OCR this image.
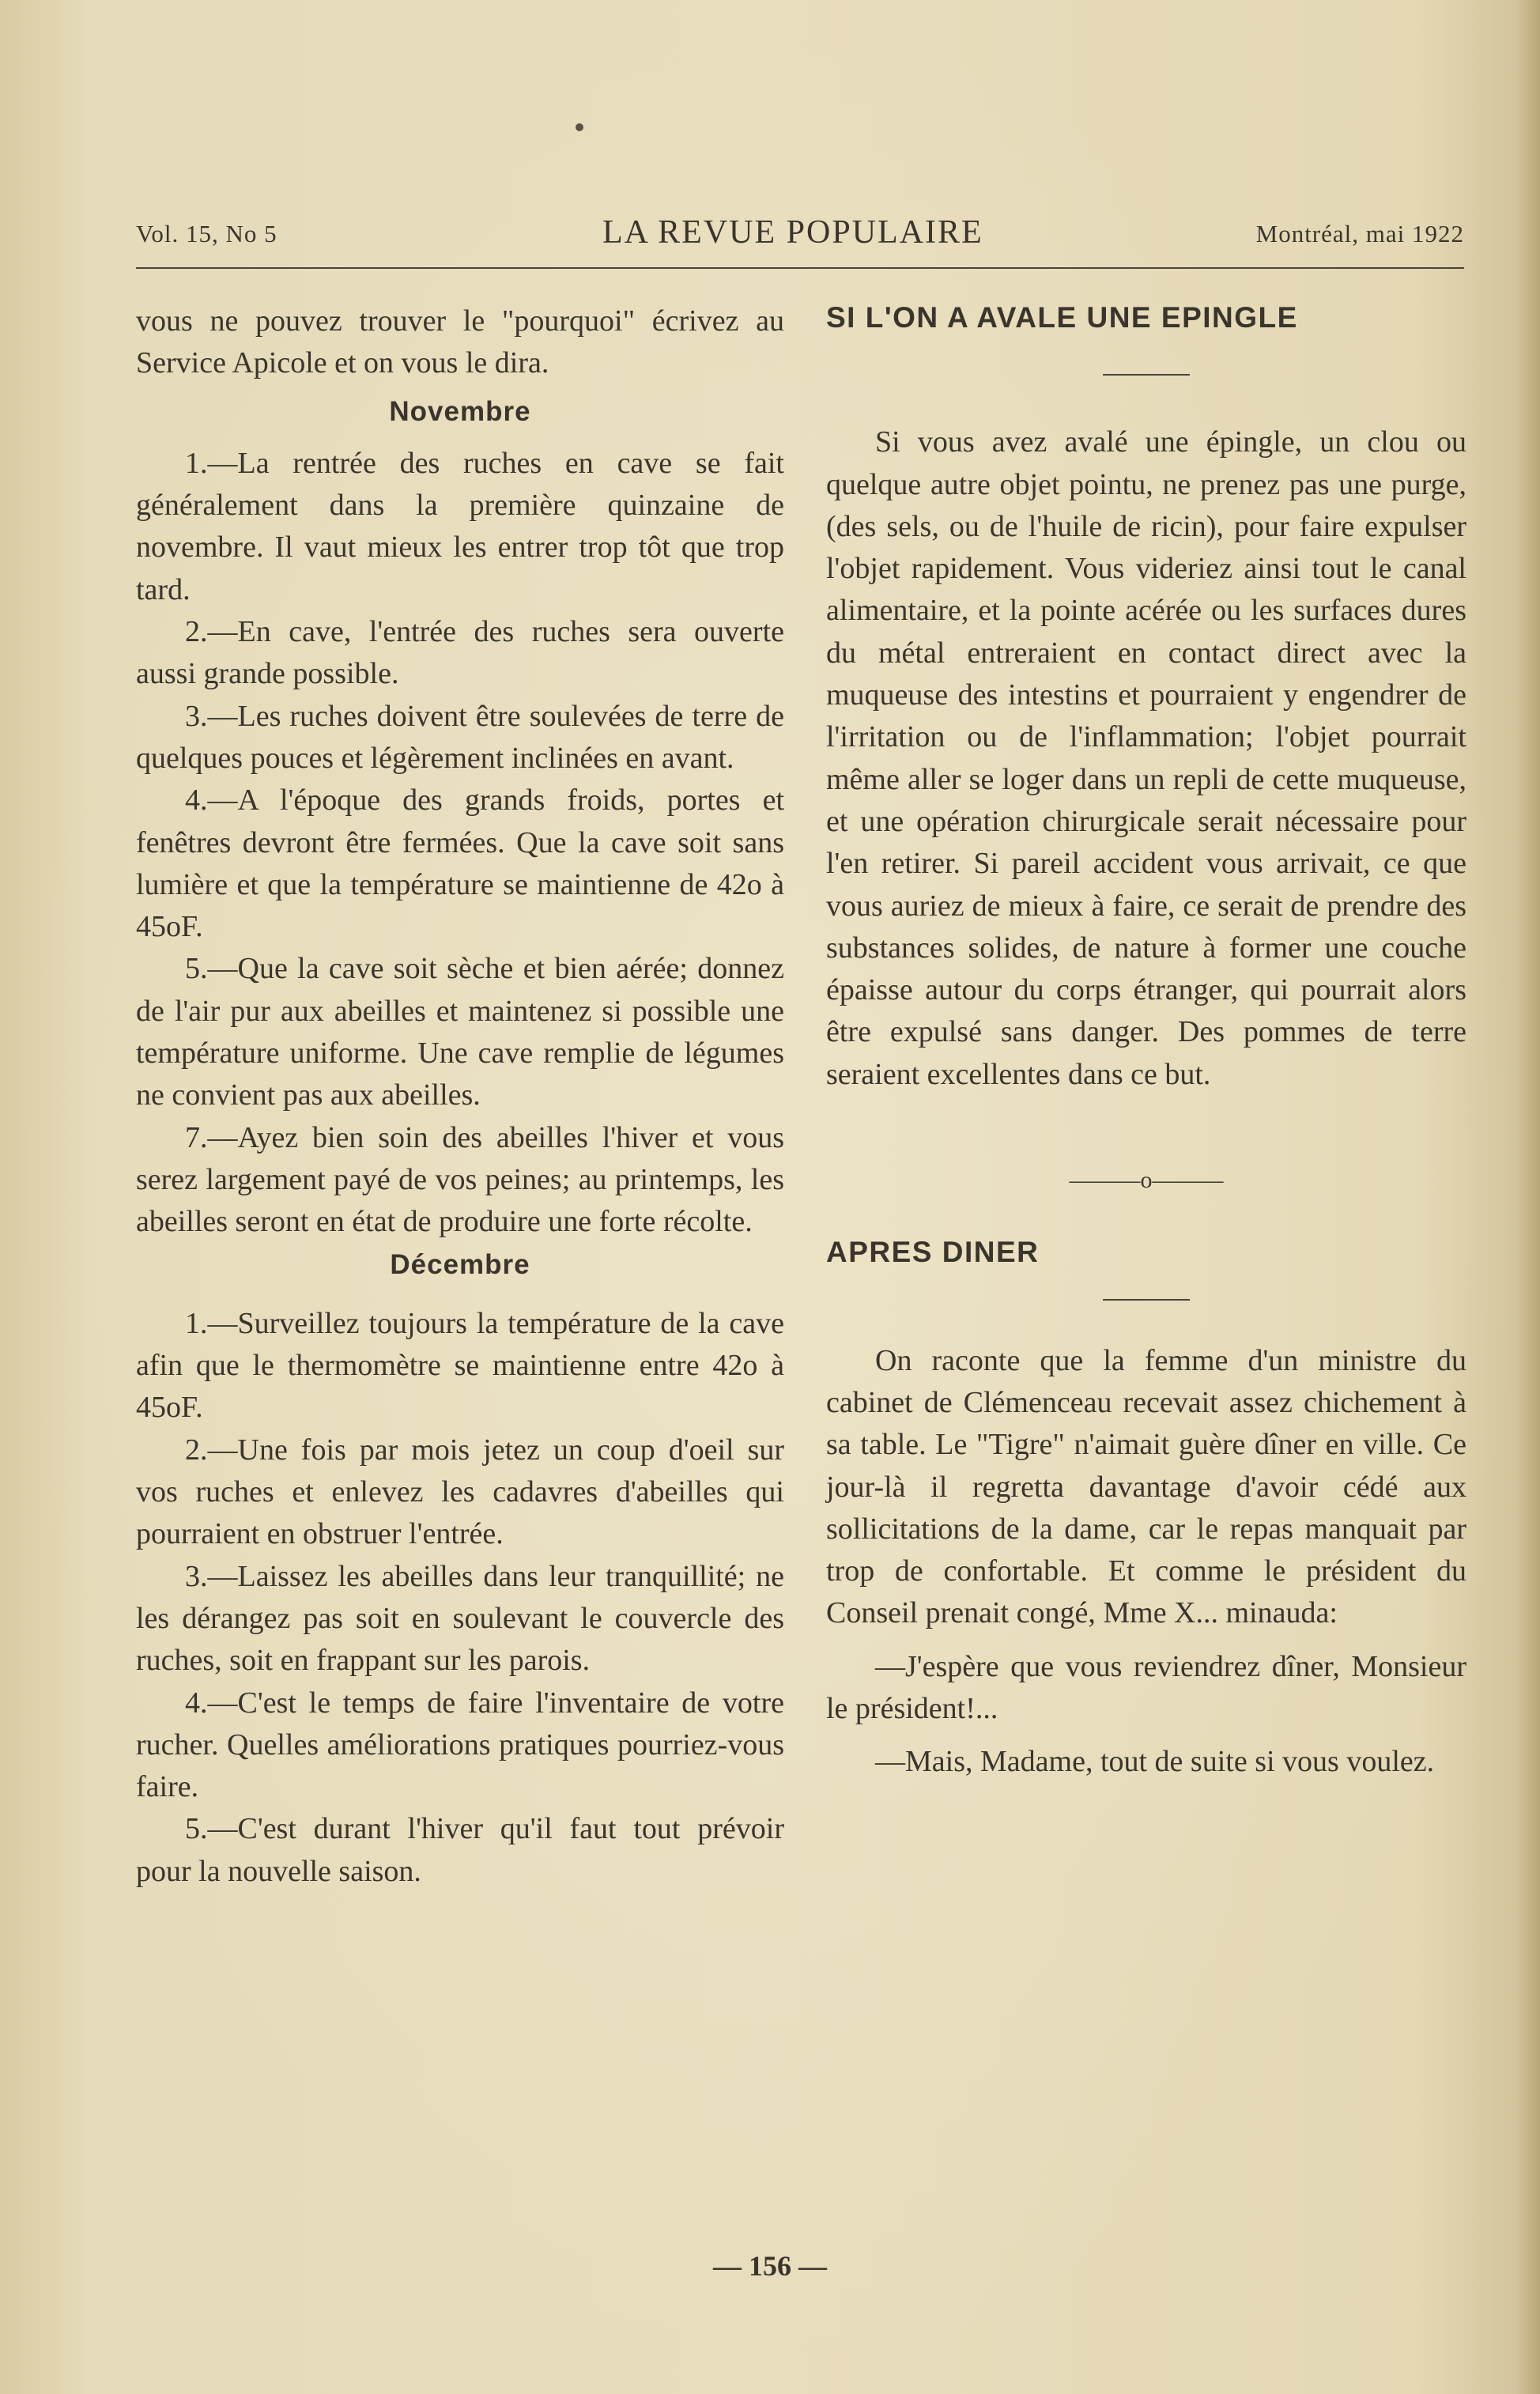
Vol. 15, No 5	LA REVUE POPULAIRE	Montréal, mai 1922

vous ne pouvez trouver le "pourquoi" écrivez au Service Apicole et on vous le dira.

Novembre

1.—La rentrée des ruches en cave se fait généralement dans la première quinzaine de novembre. Il vaut mieux les entrer trop tôt que trop tard.

2.—En cave, l'entrée des ruches sera ouverte aussi grande possible.

3.—Les ruches doivent être soulevées de terre de quelques pouces et légèrement inclinées en avant.

4.—A l'époque des grands froids, portes et fenêtres devront être fermées. Que la cave soit sans lumière et que la température se maintienne de 42o à 45oF.

5.—Que la cave soit sèche et bien aérée; donnez de l'air pur aux abeilles et maintenez si possible une température uniforme. Une cave remplie de légumes ne convient pas aux abeilles.

7.—Ayez bien soin des abeilles l'hiver et vous serez largement payé de vos peines; au printemps, les abeilles seront en état de produire une forte récolte.

Décembre

1.—Surveillez toujours la température de la cave afin que le thermomètre se maintienne entre 42o à 45oF.

2.—Une fois par mois jetez un coup d'oeil sur vos ruches et enlevez les cadavres d'abeilles qui pourraient en obstruer l'entrée.

3.—Laissez les abeilles dans leur tranquillité; ne les dérangez pas soit en soulevant le couvercle des ruches, soit en frappant sur les parois.

4.—C'est le temps de faire l'inventaire de votre rucher. Quelles améliorations pratiques pourriez-vous faire.

5.—C'est durant l'hiver qu'il faut tout prévoir pour la nouvelle saison.

SI L'ON A AVALE UNE EPINGLE

Si vous avez avalé une épingle, un clou ou quelque autre objet pointu, ne prenez pas une purge, (des sels, ou de l'huile de ricin), pour faire expulser l'objet rapidement. Vous videriez ainsi tout le canal alimentaire, et la pointe acérée ou les surfaces dures du métal entreraient en contact direct avec la muqueuse des intestins et pourraient y engendrer de l'irritation ou de l'inflammation; l'objet pourrait même aller se loger dans un repli de cette muqueuse, et une opération chirurgicale serait nécessaire pour l'en retirer. Si pareil accident vous arrivait, ce que vous auriez de mieux à faire, ce serait de prendre des substances solides, de nature à former une couche épaisse autour du corps étranger, qui pourrait alors être expulsé sans danger. Des pommes de terre seraient excellentes dans ce but.

———o———

APRES DINER

On raconte que la femme d'un ministre du cabinet de Clémenceau recevait assez chichement à sa table. Le "Tigre" n'aimait guère dîner en ville. Ce jour-là il regretta davantage d'avoir cédé aux sollicitations de la dame, car le repas manquait par trop de confortable. Et comme le président du Conseil prenait congé, Mme X... minauda:

—J'espère que vous reviendrez dîner, Monsieur le président!...

—Mais, Madame, tout de suite si vous voulez.

— 156 —
